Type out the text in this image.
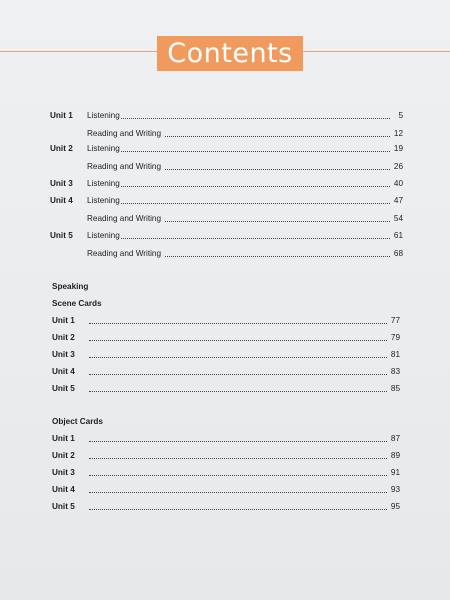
Contents
Unit 1 Listening	5
Reading and Writing	12
Unit 2 Listening	19
Reading and Writing	26
Unit 3 Listening	40
Unit 4 Listening	47
Reading and Writing	54
Unit 5 Listening	61
Reading and Writing	68
Speaking
Scene Cards
Unit 1	77
Unit 2	79
Unit 3	81
Unit 4	83
Unit 5	85
Object Cards
Unit 1	87
Unit 2	89
Unit 3	91
Unit 4	93
Unit 5	95
